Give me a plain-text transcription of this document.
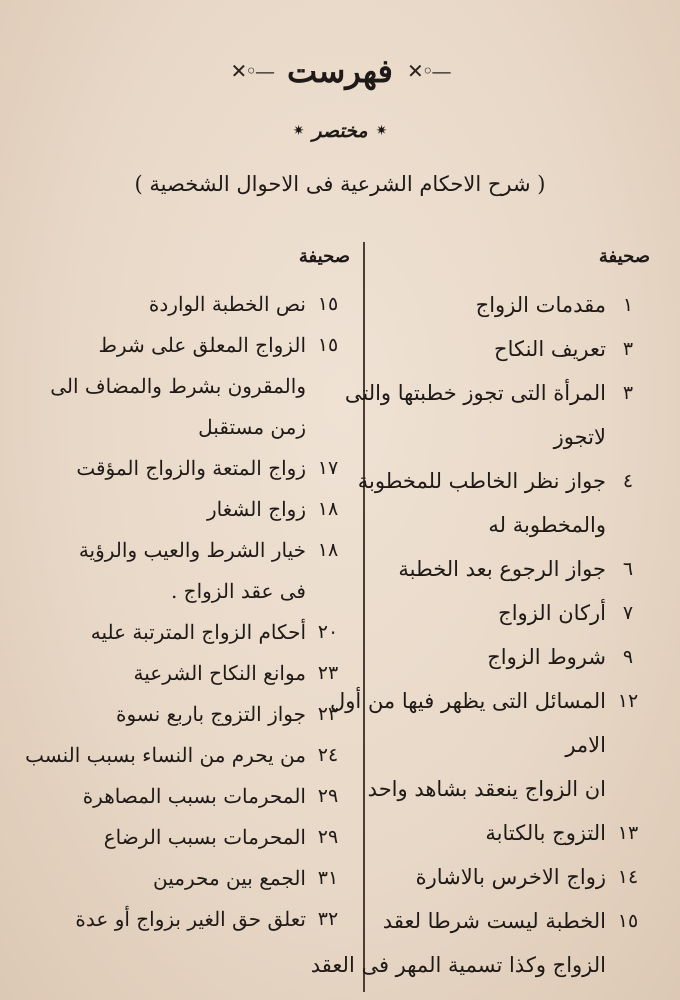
✕◦— فهرست ✕◦—
✷ مختصر ✷
( شرح الاحكام الشرعية فى الاحوال الشخصية )
صحيفة
١
مقدمات الزواج
٣
تعريف النكاح
٣
المرأة التى تجوز خطبتها والتى
لاتجوز
٤
جواز نظر الخاطب للمخطوبة
والمخطوبة له
٦
جواز الرجوع بعد الخطبة
٧
أركان الزواج
٩
شروط الزواج
١٢
المسائل التى يظهر فيها من أول
الامر
ان الزواج ينعقد بشاهد واحد
١٣
التزوج بالكتابة
١٤
زواج الاخرس بالاشارة
١٥
الخطبة ليست شرطا لعقد
الزواج وكذا تسمية المهر فى العقد
صحيفة
١٥
نص الخطبة الواردة
١٥
الزواج المعلق على شرط
والمقرون بشرط والمضاف الى
زمن مستقبل
١٧
زواج المتعة والزواج المؤقت
١٨
زواج الشغار
١٨
خيار الشرط والعيب والرؤية
فى عقد الزواج .
٢٠
أحكام الزواج المترتبة عليه
٢٣
موانع النكاح الشرعية
٢٣
جواز التزوج باربع نسوة
٢٤
من يحرم من النساء بسبب النسب
٢٩
المحرمات بسبب المصاهرة
٢٩
المحرمات بسبب الرضاع
٣١
الجمع بين محرمين
٣٢
تعلق حق الغير بزواج أو عدة
